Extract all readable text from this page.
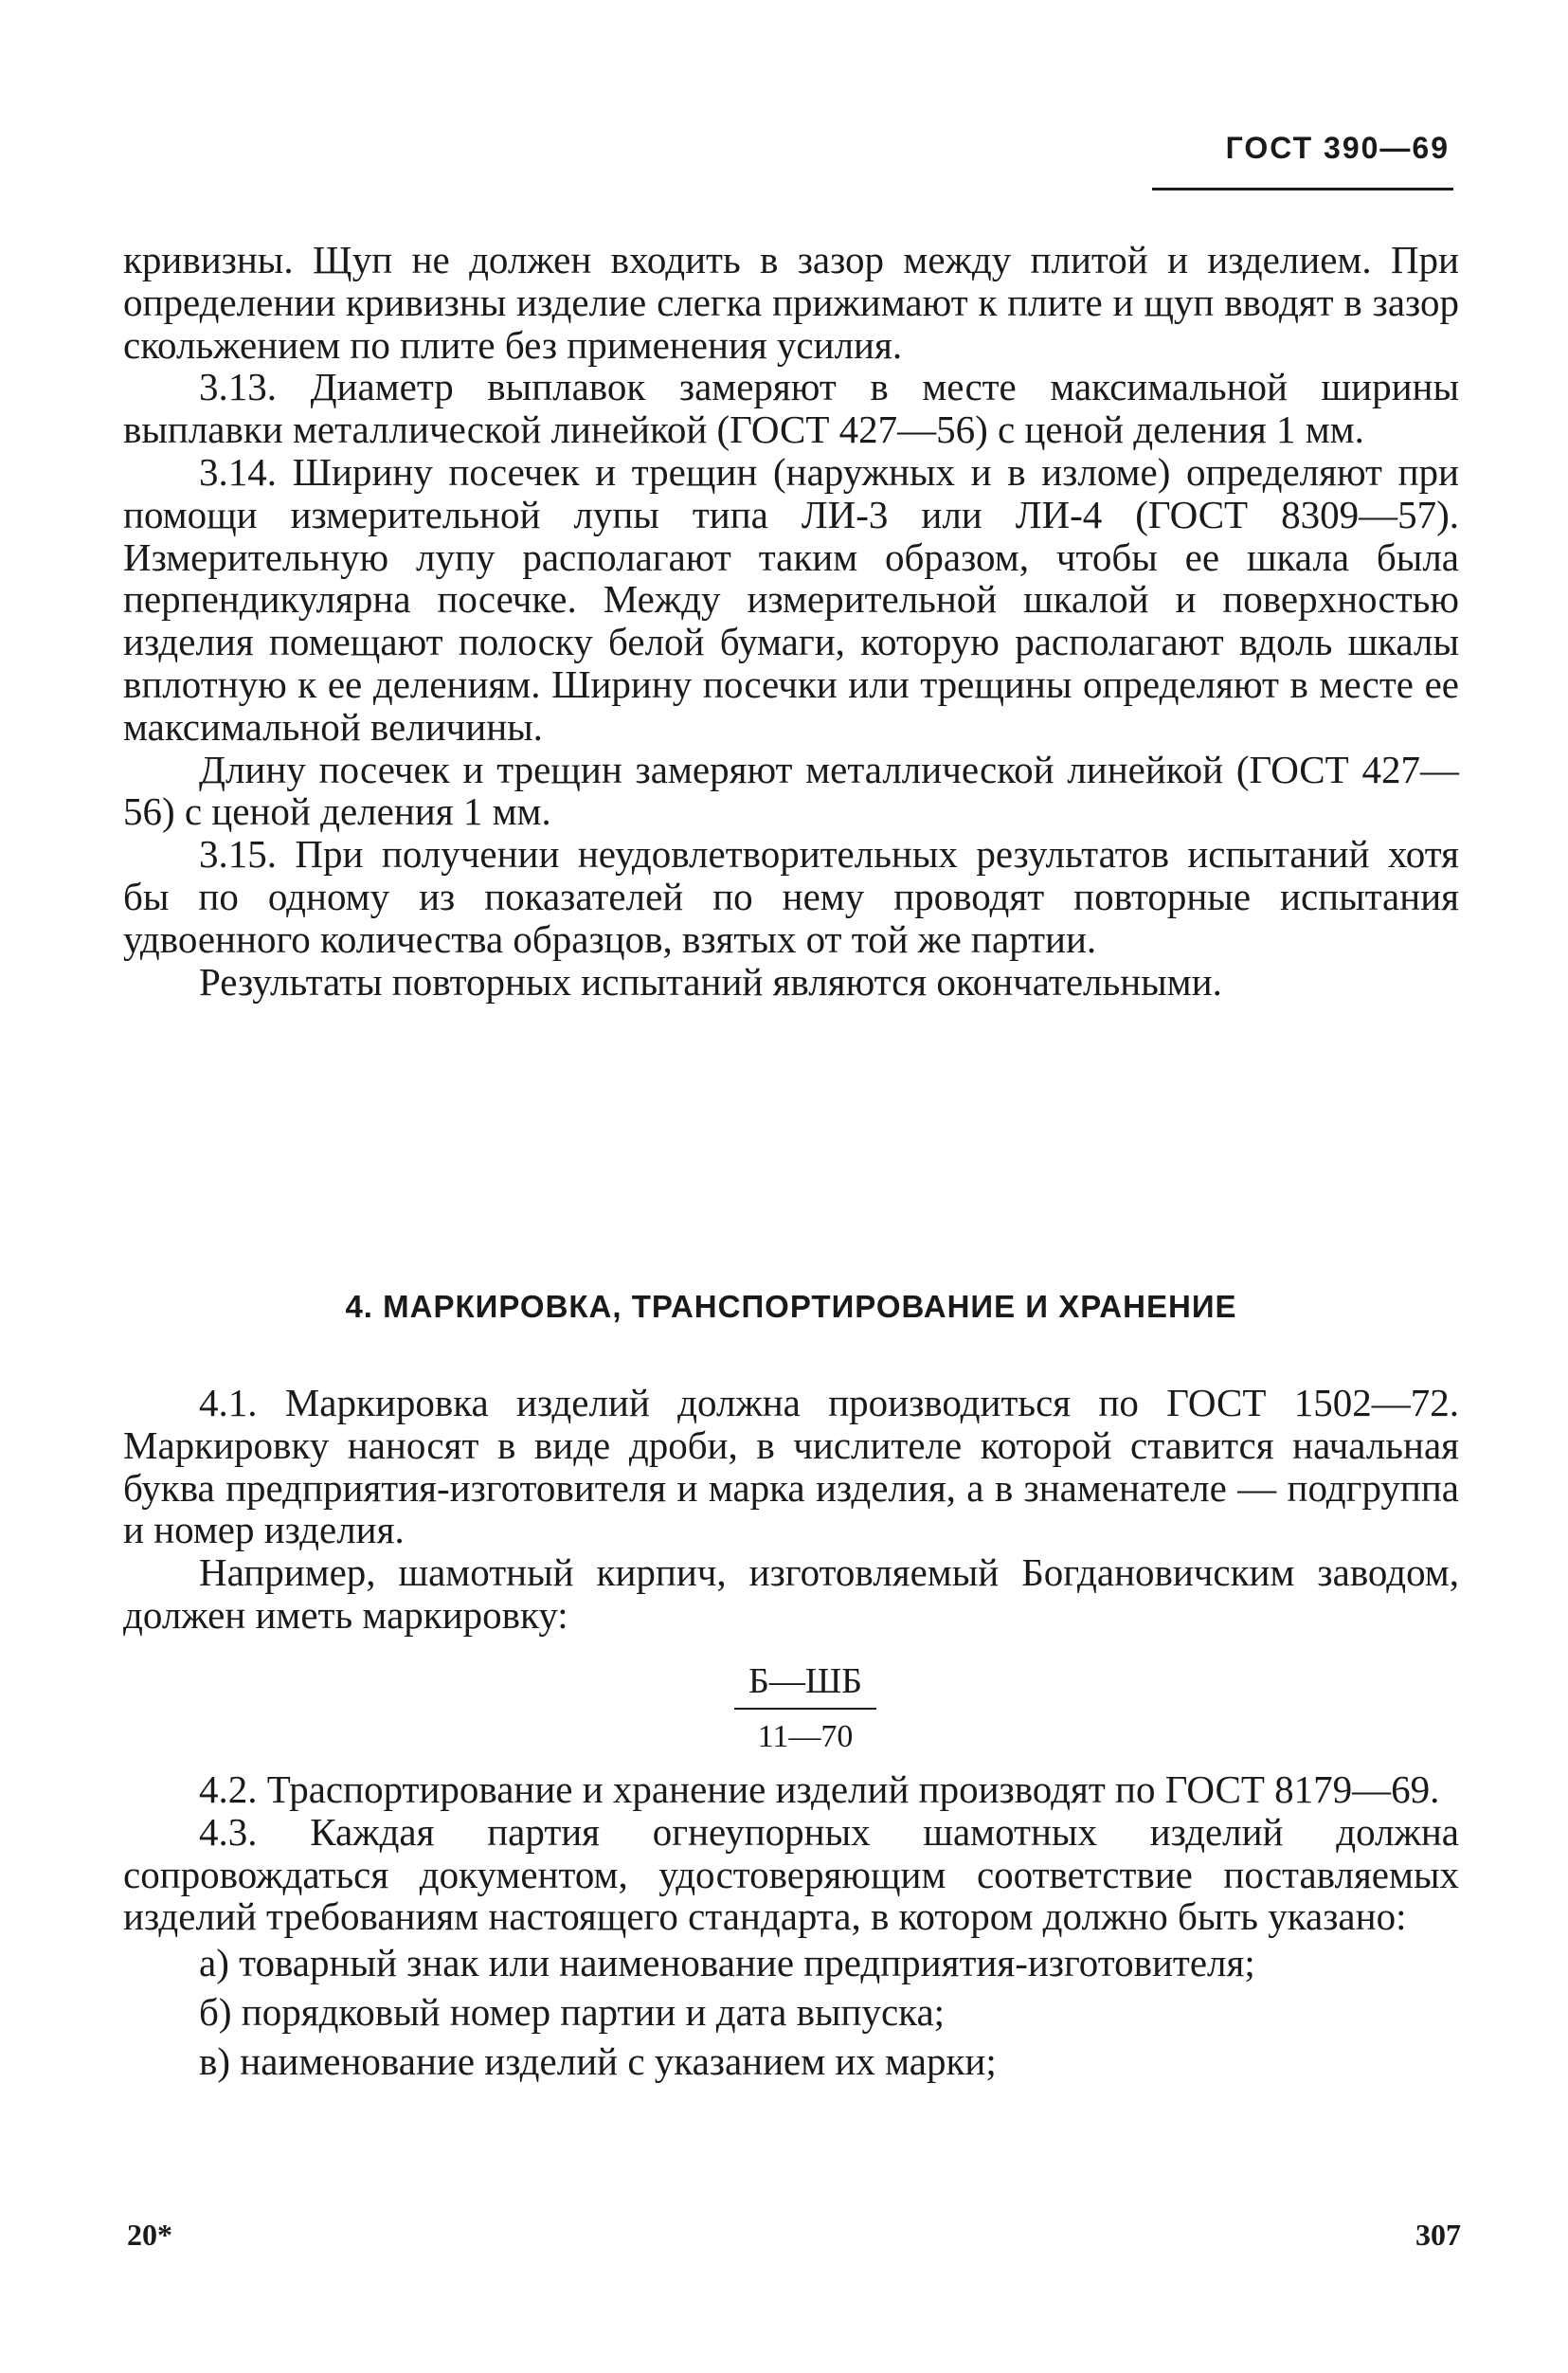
ГОСТ 390—69

кривизны. Щуп не должен входить в зазор между плитой и изделием. При определении кривизны изделие слегка прижимают к плите и щуп вводят в зазор скольжением по плите без применения усилия.

3.13. Диаметр выплавок замеряют в месте максимальной ширины выплавки металлической линейкой (ГОСТ 427—56) с ценой деления 1 мм.

3.14. Ширину посечек и трещин (наружных и в изломе) определяют при помощи измерительной лупы типа ЛИ-3 или ЛИ-4 (ГОСТ 8309—57). Измерительную лупу располагают таким образом, чтобы ее шкала была перпендикулярна посечке. Между измерительной шкалой и поверхностью изделия помещают полоску белой бумаги, которую располагают вдоль шкалы вплотную к ее делениям. Ширину посечки или трещины определяют в месте ее максимальной величины.

Длину посечек и трещин замеряют металлической линейкой (ГОСТ 427—56) с ценой деления 1 мм.

3.15. При получении неудовлетворительных результатов испытаний хотя бы по одному из показателей по нему проводят повторные испытания удвоенного количества образцов, взятых от той же партии.

Результаты повторных испытаний являются окончательными.

4. МАРКИРОВКА, ТРАНСПОРТИРОВАНИЕ И ХРАНЕНИЕ

4.1. Маркировка изделий должна производиться по ГОСТ 1502—72. Маркировку наносят в виде дроби, в числителе которой ставится начальная буква предприятия-изготовителя и марка изделия, а в знаменателе — подгруппа и номер изделия.

Например, шамотный кирпич, изготовляемый Богдановичским заводом, должен иметь маркировку:

Б—ШБ
11—70

4.2. Траспортирование и хранение изделий производят по ГОСТ 8179—69.

4.3. Каждая партия огнеупорных шамотных изделий должна сопровождаться документом, удостоверяющим соответствие поставляемых изделий требованиям настоящего стандарта, в котором должно быть указано:

а) товарный знак или наименование предприятия-изготовителя;
б) порядковый номер партии и дата выпуска;
в) наименование изделий с указанием их марки;
20*	307
